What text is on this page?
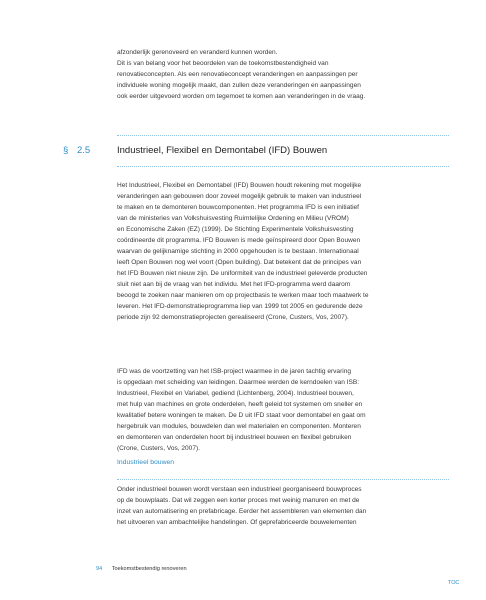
afzonderlijk gerenoveerd en veranderd kunnen worden.
Dit is van belang voor het beoordelen van de toekomstbestendigheid van
renovatieconcepten. Als een renovatieconcept veranderingen en aanpassingen per
individuele woning mogelijk maakt, dan zullen deze veranderingen en aanpassingen
ook eerder uitgevoerd worden om tegemoet te komen aan veranderingen in de vraag.

§ 2.5	Industrieel, Flexibel en Demontabel (IFD) Bouwen

Het Industrieel, Flexibel en Demontabel (IFD) Bouwen houdt rekening met mogelijke
veranderingen aan gebouwen door zoveel mogelijk gebruik te maken van industrieel
te maken en te demonteren bouwcomponenten. Het programma IFD is een initiatief
van de ministeries van Volkshuisvesting Ruimtelijke Ordening en Milieu (VROM)
en Economische Zaken (EZ) (1999). De Stichting Experimentele Volkshuisvesting
coördineerde dit programma. IFD Bouwen is mede geïnspireerd door Open Bouwen
waarvan de gelijknamige stichting in 2000 opgehouden is te bestaan. Internationaal
leeft Open Bouwen nog wel voort (Open building). Dat betekent dat de principes van
het IFD Bouwen niet nieuw zijn. De uniformiteit van de industrieel geleverde producten
sluit niet aan bij de vraag van het individu. Met het IFD-programma werd daarom
beoogd te zoeken naar manieren om op projectbasis te werken maar toch maatwerk te
leveren. Het IFD-demonstratieprogramma liep van 1999 tot 2005 en gedurende deze
periode zijn 92 demonstratieprojecten gerealiseerd (Crone, Custers, Vos, 2007).

IFD was de voortzetting van het ISB-project waarmee in de jaren tachtig ervaring
is opgedaan met scheiding van leidingen. Daarmee werden de kerndoelen van ISB:
Industrieel, Flexibel en Variabel, gediend (Lichtenberg, 2004). Industrieel bouwen,
met hulp van machines en grote onderdelen, heeft geleid tot systemen om sneller en
kwalitatief betere woningen te maken. De D uit IFD staat voor demontabel en gaat om
hergebruik van modules, bouwdelen dan wel materialen en componenten. Monteren
en demonteren van onderdelen hoort bij industrieel bouwen en flexibel gebruiken
(Crone, Custers, Vos, 2007).

Industrieel bouwen

Onder industrieel bouwen wordt verstaan een industrieel georganiseerd bouwproces
op de bouwplaats. Dat wil zeggen een korter proces met weinig manuren en met de
inzet van automatisering en prefabricage. Eerder het assembleren van elementen dan
het uitvoeren van ambachtelijke handelingen. Of geprefabriceerde bouwelementen

94 Toekomstbestendig renoveren
TOC
